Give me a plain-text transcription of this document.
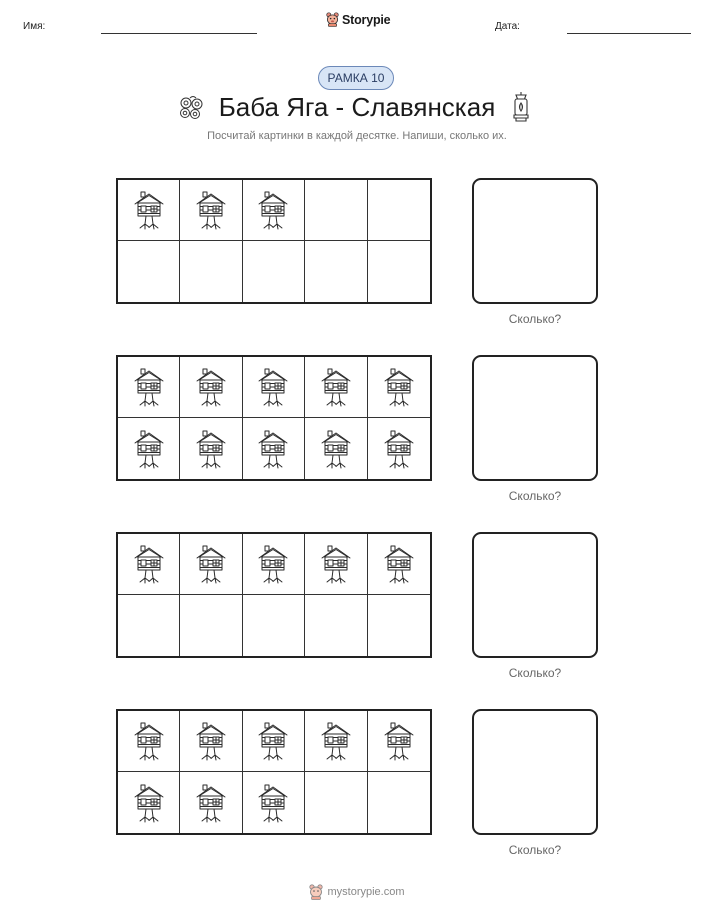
Имя:	Storypie	Дата:
РАМКА 10
Баба Яга - Славянская
Посчитай картинки в каждой десятке. Напиши, сколько их.
Сколько?
Сколько?
Сколько?
Сколько?
mystorypie.com
